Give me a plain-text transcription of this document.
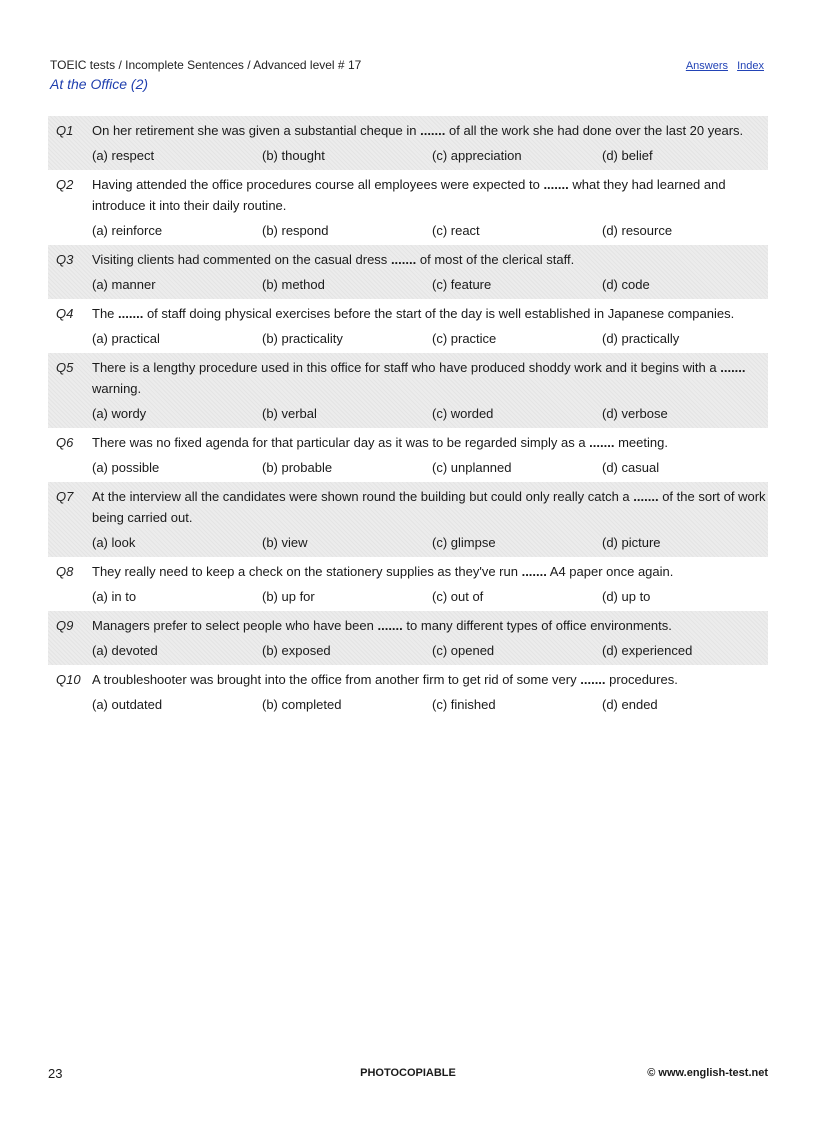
TOEIC tests / Incomplete Sentences / Advanced level # 17
At the Office (2)
Answers Index
Q1	On her retirement she was given a substantial cheque in ....... of all the work she had done over the last 20 years.
(a) respect	(b) thought	(c) appreciation	(d) belief
Q2	Having attended the office procedures course all employees were expected to ....... what they had learned and introduce it into their daily routine.
(a) reinforce	(b) respond	(c) react	(d) resource
Q3	Visiting clients had commented on the casual dress ....... of most of the clerical staff.
(a) manner	(b) method	(c) feature	(d) code
Q4	The ....... of staff doing physical exercises before the start of the day is well established in Japanese companies.
(a) practical	(b) practicality	(c) practice	(d) practically
Q5	There is a lengthy procedure used in this office for staff who have produced shoddy work and it begins with a ....... warning.
(a) wordy	(b) verbal	(c) worded	(d) verbose
Q6	There was no fixed agenda for that particular day as it was to be regarded simply as a ....... meeting.
(a) possible	(b) probable	(c) unplanned	(d) casual
Q7	At the interview all the candidates were shown round the building but could only really catch a ....... of the sort of work being carried out.
(a) look	(b) view	(c) glimpse	(d) picture
Q8	They really need to keep a check on the stationery supplies as they've run ....... A4 paper once again.
(a) in to	(b) up for	(c) out of	(d) up to
Q9	Managers prefer to select people who have been ....... to many different types of office environments.
(a) devoted	(b) exposed	(c) opened	(d) experienced
Q10 A troubleshooter was brought into the office from another firm to get rid of some very ....... procedures.
(a) outdated	(b) completed	(c) finished	(d) ended
23	PHOTOCOPIABLE	© www.english-test.net
